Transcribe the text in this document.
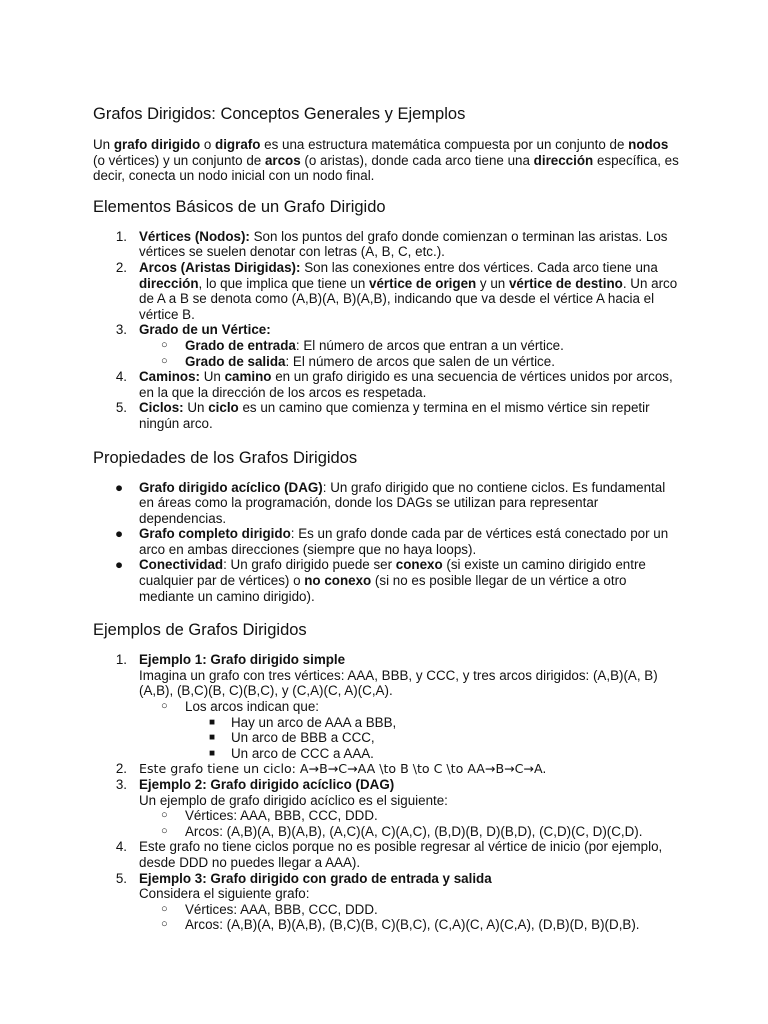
Grafos Dirigidos: Conceptos Generales y Ejemplos

Un grafo dirigido o digrafo es una estructura matemática compuesta por un conjunto de nodos (o vértices) y un conjunto de arcos (o aristas), donde cada arco tiene una dirección específica, es decir, conecta un nodo inicial con un nodo final.

Elementos Básicos de un Grafo Dirigido
1. Vértices (Nodos): Son los puntos del grafo donde comienzan o terminan las aristas. Los vértices se suelen denotar con letras (A, B, C, etc.).
2. Arcos (Aristas Dirigidas): Son las conexiones entre dos vértices. Cada arco tiene una dirección, lo que implica que tiene un vértice de origen y un vértice de destino. Un arco de A a B se denota como (A,B)(A, B)(A,B), indicando que va desde el vértice A hacia el vértice B.
3. Grado de un Vértice:
○ Grado de entrada: El número de arcos que entran a un vértice.
○ Grado de salida: El número de arcos que salen de un vértice.
4. Caminos: Un camino en un grafo dirigido es una secuencia de vértices unidos por arcos, en la que la dirección de los arcos es respetada.
5. Ciclos: Un ciclo es un camino que comienza y termina en el mismo vértice sin repetir ningún arco.
Propiedades de los Grafos Dirigidos
● Grafo dirigido acíclico (DAG): Un grafo dirigido que no contiene ciclos. Es fundamental en áreas como la programación, donde los DAGs se utilizan para representar dependencias.
● Grafo completo dirigido: Es un grafo donde cada par de vértices está conectado por un arco en ambas direcciones (siempre que no haya loops).
● Conectividad: Un grafo dirigido puede ser conexo (si existe un camino dirigido entre cualquier par de vértices) o no conexo (si no es posible llegar de un vértice a otro mediante un camino dirigido).
Ejemplos de Grafos Dirigidos
1. Ejemplo 1: Grafo dirigido simple
Imagina un grafo con tres vértices: AAA, BBB, y CCC, y tres arcos dirigidos: (A,B)(A, B)(A,B), (B,C)(B, C)(B,C), y (C,A)(C, A)(C,A).
○ Los arcos indican que:
■ Hay un arco de AAA a BBB,
■ Un arco de BBB a CCC,
■ Un arco de CCC a AAA.
2. Este grafo tiene un ciclo: A→B→C→AA \to B \to C \to AA→B→C→A.
3. Ejemplo 2: Grafo dirigido acíclico (DAG)
Un ejemplo de grafo dirigido acíclico es el siguiente:
○ Vértices: AAA, BBB, CCC, DDD.
○ Arcos: (A,B)(A, B)(A,B), (A,C)(A, C)(A,C), (B,D)(B, D)(B,D), (C,D)(C, D)(C,D).
4. Este grafo no tiene ciclos porque no es posible regresar al vértice de inicio (por ejemplo, desde DDD no puedes llegar a AAA).
5. Ejemplo 3: Grafo dirigido con grado de entrada y salida
Considera el siguiente grafo:
○ Vértices: AAA, BBB, CCC, DDD.
○ Arcos: (A,B)(A, B)(A,B), (B,C)(B, C)(B,C), (C,A)(C, A)(C,A), (D,B)(D, B)(D,B).
